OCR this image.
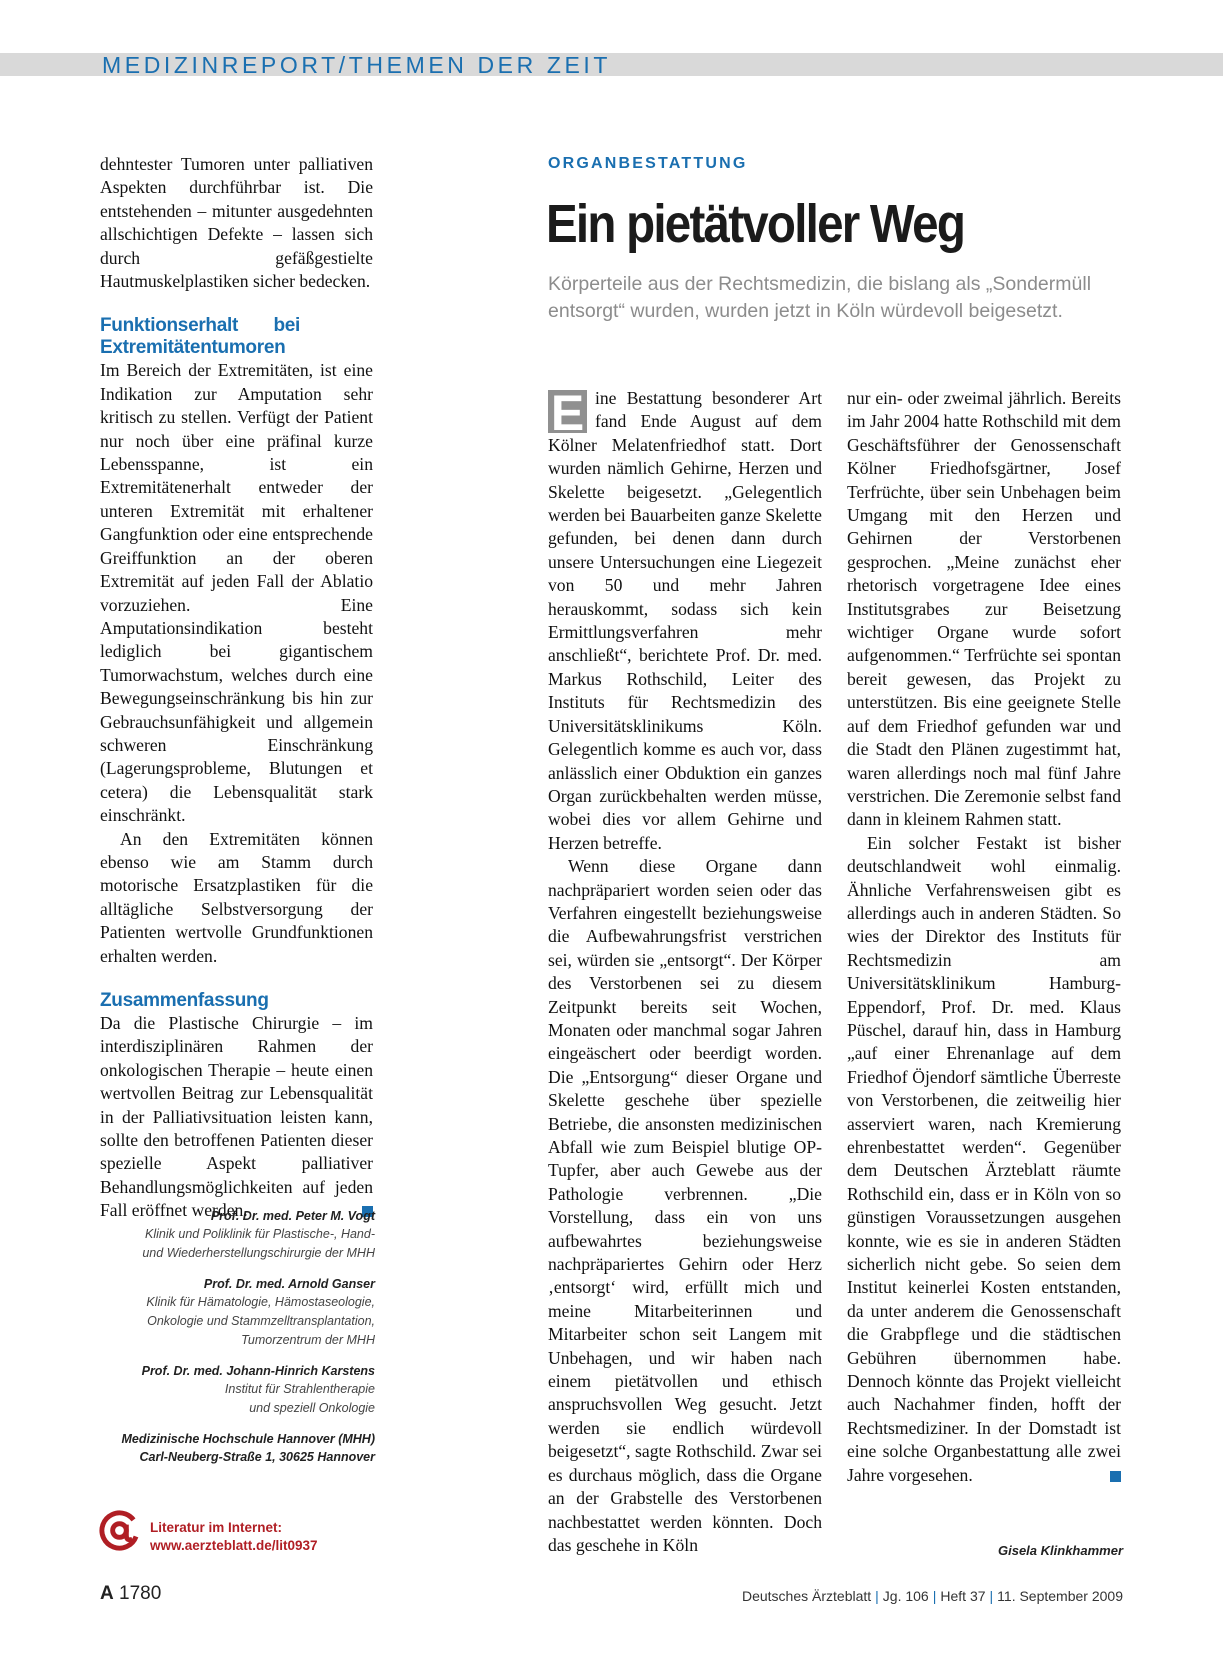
MEDIZINREPORT/THEMEN DER ZEIT

dehntester Tumoren unter palliativen Aspekten durchführbar ist. Die entstehenden – mitunter ausgedehnten allschichtigen Defekte – lassen sich durch gefäßgestielte Hautmuskelplastiken sicher bedecken.

Funktionserhalt bei Extremitätentumoren

Im Bereich der Extremitäten, ist eine Indikation zur Amputation sehr kritisch zu stellen. Verfügt der Patient nur noch über eine präfinal kurze Lebensspanne, ist ein Extremitätenerhalt entweder der unteren Extremität mit erhaltener Gangfunktion oder eine entsprechende Greiffunktion an der oberen Extremität auf jeden Fall der Ablatio vorzuziehen. Eine Amputationsindikation besteht lediglich bei gigantischem Tumorwachstum, welches durch eine Bewegungseinschränkung bis hin zur Gebrauchsunfähigkeit und allgemein schweren Einschränkung (Lagerungsprobleme, Blutungen et cetera) die Lebensqualität stark einschränkt.

An den Extremitäten können ebenso wie am Stamm durch motorische Ersatzplastiken für die alltägliche Selbstversorgung der Patienten wertvolle Grundfunktionen erhalten werden.

Zusammenfassung

Da die Plastische Chirurgie – im interdisziplinären Rahmen der onkologischen Therapie – heute einen wertvollen Beitrag zur Lebensqualität in der Palliativsituation leisten kann, sollte den betroffenen Patienten dieser spezielle Aspekt palliativer Behandlungsmöglichkeiten auf jeden Fall eröffnet werden.

Prof. Dr. med. Peter M. Vogt
Klinik und Poliklinik für Plastische-, Hand-
und Wiederherstellungschirurgie der MHH
Prof. Dr. med. Arnold Ganser
Klinik für Hämatologie, Hämostaseologie,
Onkologie und Stammzelltransplantation,
Tumorzentrum der MHH
Prof. Dr. med. Johann-Hinrich Karstens
Institut für Strahlentherapie
und speziell Onkologie
Medizinische Hochschule Hannover (MHH)
Carl-Neuberg-Straße 1, 30625 Hannover
Literatur im Internet:
www.aerzteblatt.de/lit0937
ORGANBESTATTUNG
Ein pietätvoller Weg
Körperteile aus der Rechtsmedizin, die bislang als „Sondermüll entsorgt“ wurden, wurden jetzt in Köln würdevoll beigesetzt.

E ine Bestattung besonderer Art fand Ende August auf dem Kölner Melatenfriedhof statt. Dort wurden nämlich Gehirne, Herzen und Skelette beigesetzt. „Gelegentlich werden bei Bauarbeiten ganze Skelette gefunden, bei denen dann durch unsere Untersuchungen eine Liegezeit von 50 und mehr Jahren herauskommt, sodass sich kein Ermittlungsverfahren mehr anschließt“, berichtete Prof. Dr. med. Markus Rothschild, Leiter des Instituts für Rechtsmedizin des Universitätsklinikums Köln. Gelegentlich komme es auch vor, dass anlässlich einer Obduktion ein ganzes Organ zurückbehalten werden müsse, wobei dies vor allem Gehirne und Herzen betreffe.

Wenn diese Organe dann nachpräpariert worden seien oder das Verfahren eingestellt beziehungsweise die Aufbewahrungsfrist verstrichen sei, würden sie „entsorgt“. Der Körper des Verstorbenen sei zu diesem Zeitpunkt bereits seit Wochen, Monaten oder manchmal sogar Jahren eingeäschert oder beerdigt worden. Die „Entsorgung“ dieser Organe und Skelette geschehe über spezielle Betriebe, die ansonsten medizinischen Abfall wie zum Beispiel blutige OP-Tupfer, aber auch Gewebe aus der Pathologie verbrennen. „Die Vorstellung, dass ein von uns aufbewahrtes beziehungsweise nachpräpariertes Gehirn oder Herz ‚entsorgt‘ wird, erfüllt mich und meine Mitarbeiterinnen und Mitarbeiter schon seit Langem mit Unbehagen, und wir haben nach einem pietätvollen und ethisch anspruchsvollen Weg gesucht. Jetzt werden sie endlich würdevoll beigesetzt“, sagte Rothschild. Zwar sei es durchaus möglich, dass die Organe an der Grabstelle des Verstorbenen nachbestattet werden könnten. Doch das geschehe in Köln

nur ein- oder zweimal jährlich. Bereits im Jahr 2004 hatte Rothschild mit dem Geschäftsführer der Genossenschaft Kölner Friedhofsgärtner, Josef Terfrüchte, über sein Unbehagen beim Umgang mit den Herzen und Gehirnen der Verstorbenen gesprochen. „Meine zunächst eher rhetorisch vorgetragene Idee eines Institutsgrabes zur Beisetzung wichtiger Organe wurde sofort aufgenommen.“ Terfrüchte sei spontan bereit gewesen, das Projekt zu unterstützen. Bis eine geeignete Stelle auf dem Friedhof gefunden war und die Stadt den Plänen zugestimmt hat, waren allerdings noch mal fünf Jahre verstrichen. Die Zeremonie selbst fand dann in kleinem Rahmen statt.

Ein solcher Festakt ist bisher deutschlandweit wohl einmalig. Ähnliche Verfahrensweisen gibt es allerdings auch in anderen Städten. So wies der Direktor des Instituts für Rechtsmedizin am Universitätsklinikum Hamburg-Eppendorf, Prof. Dr. med. Klaus Püschel, darauf hin, dass in Hamburg „auf einer Ehrenanlage auf dem Friedhof Öjendorf sämtliche Überreste von Verstorbenen, die zeitweilig hier asserviert waren, nach Kremierung ehrenbestattet werden“. Gegenüber dem Deutschen Ärzteblatt räumte Rothschild ein, dass er in Köln von so günstigen Voraussetzungen ausgehen konnte, wie es sie in anderen Städten sicherlich nicht gebe. So seien dem Institut keinerlei Kosten entstanden, da unter anderem die Genossenschaft die Grabpflege und die städtischen Gebühren übernommen habe. Dennoch könnte das Projekt vielleicht auch Nachahmer finden, hofft der Rechtsmediziner. In der Domstadt ist eine solche Organbestattung alle zwei Jahre vorgesehen.

Gisela Klinkhammer
A 1780	Deutsches Ärzteblatt | Jg. 106 | Heft 37 | 11. September 2009
